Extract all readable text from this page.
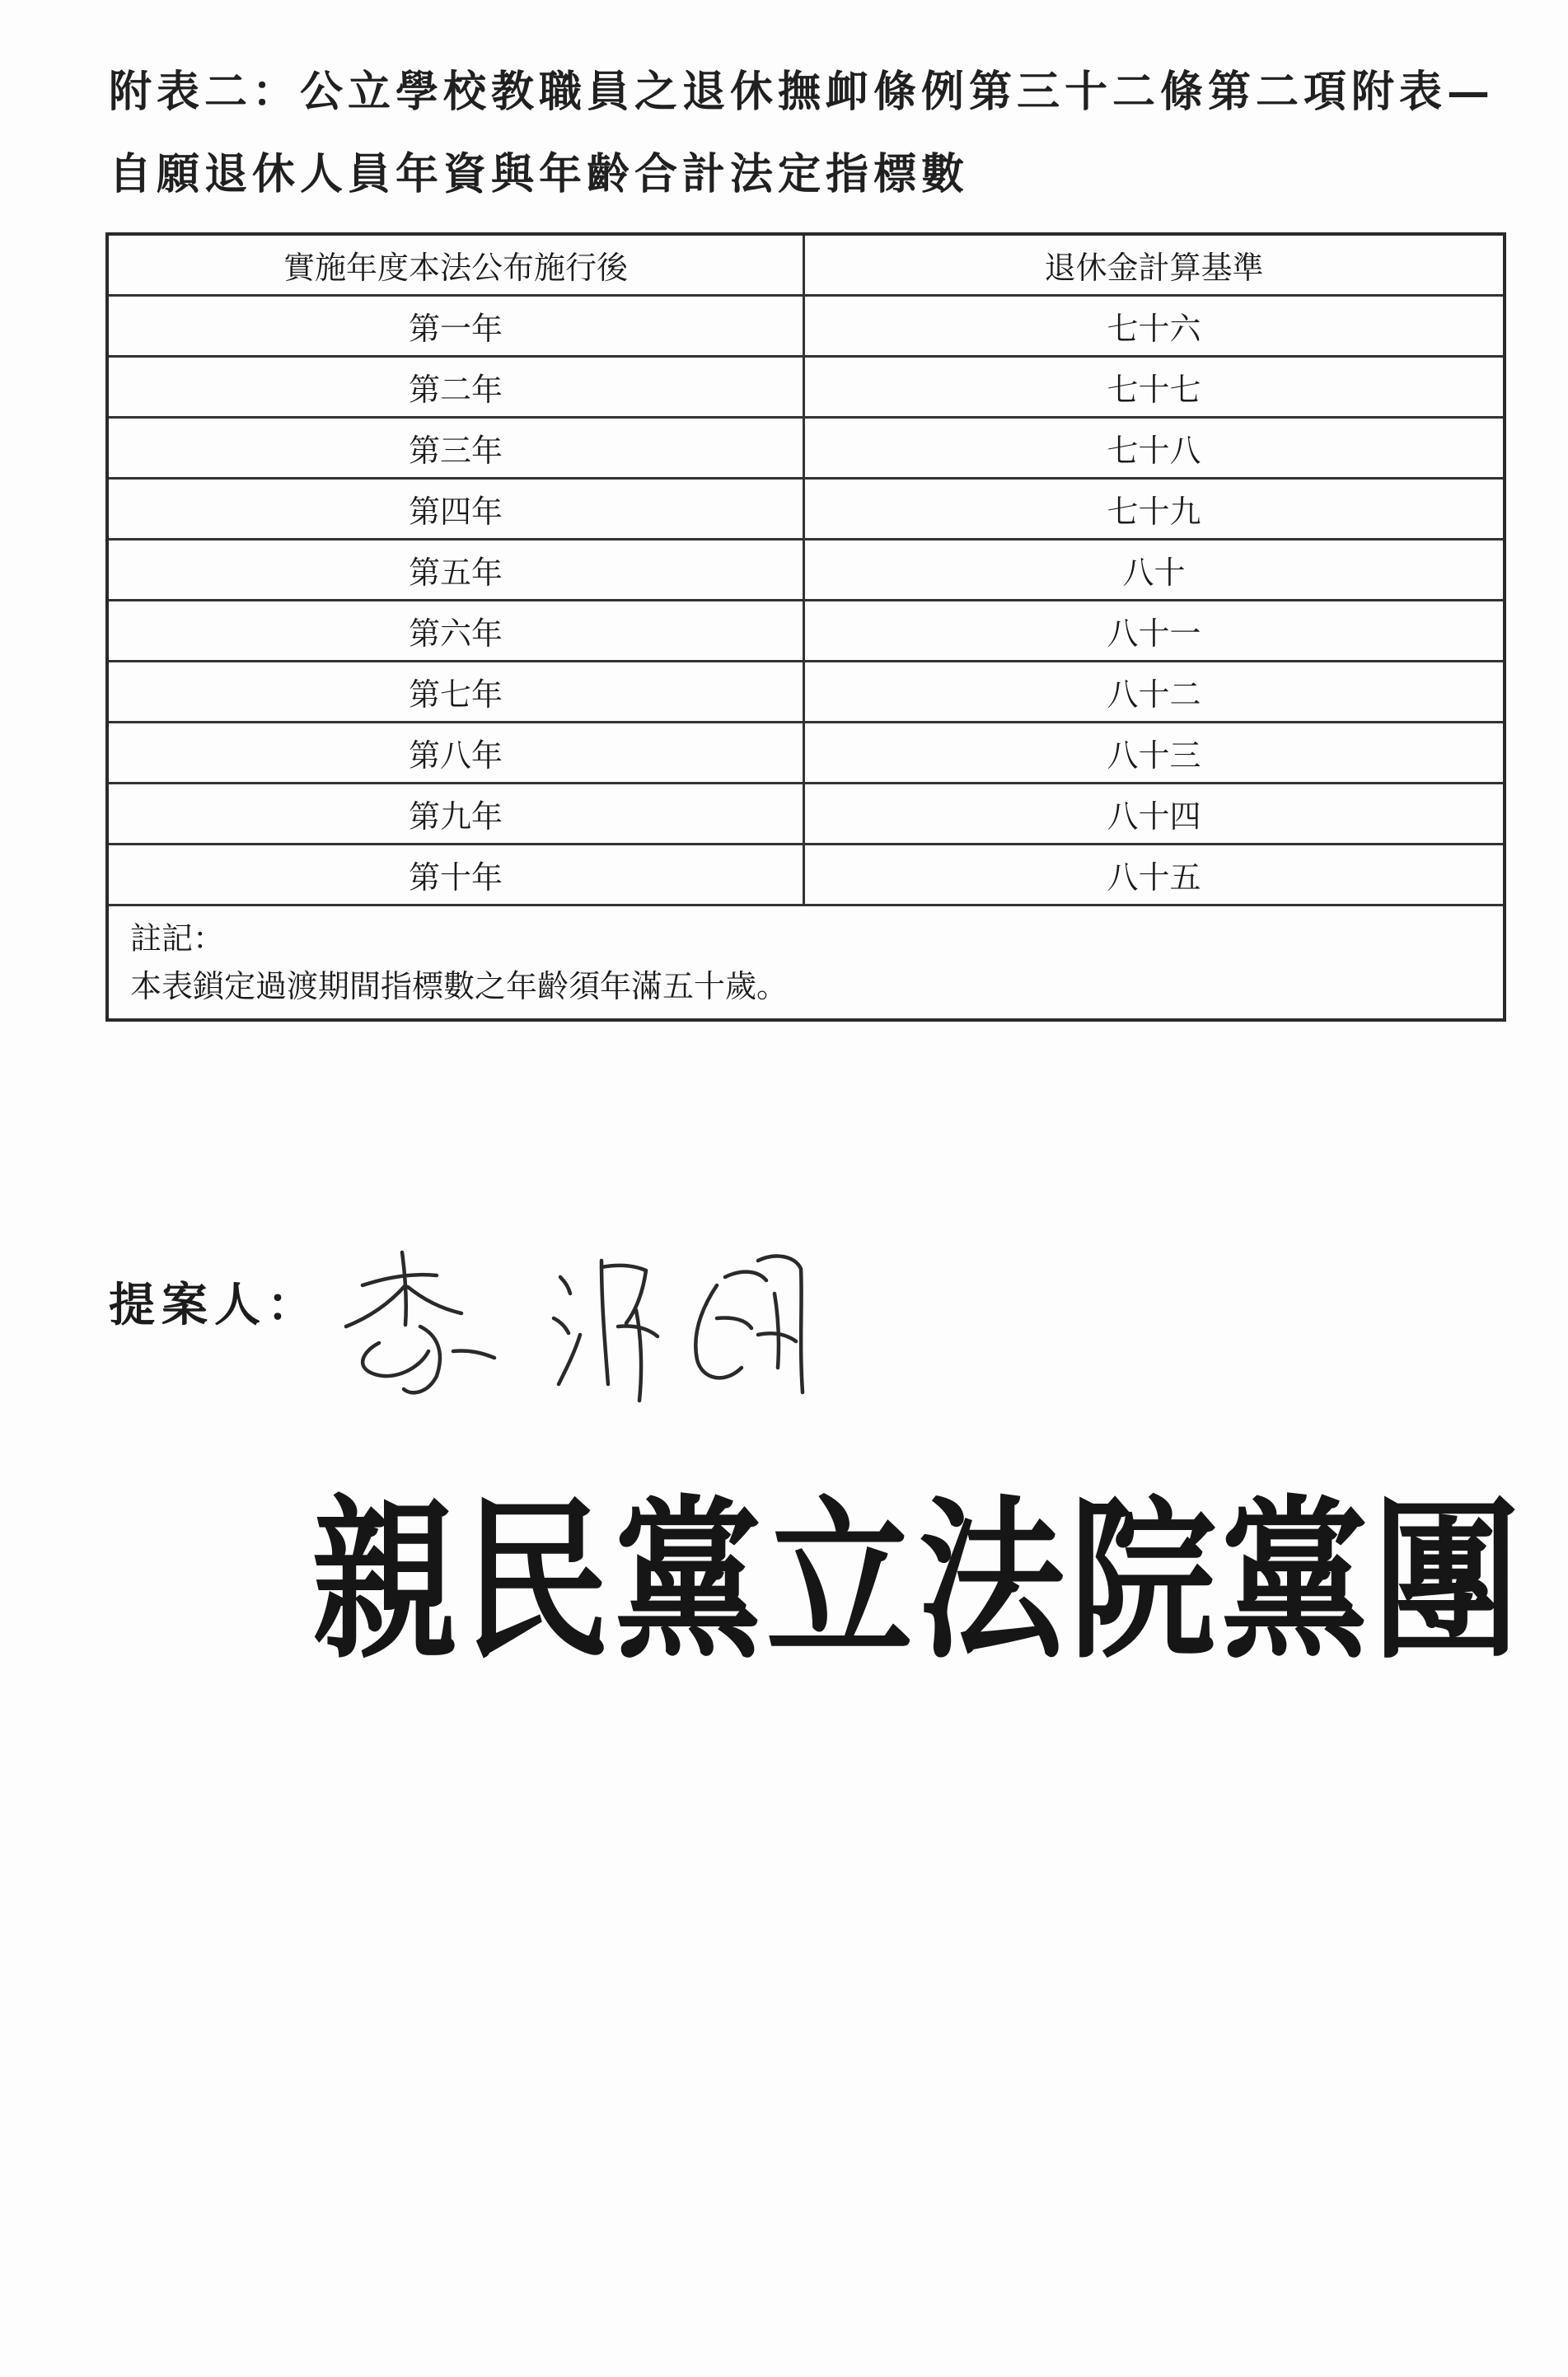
附表二：公立學校教職員之退休撫卹條例第三十二條第二項附表—自願退休人員年資與年齡合計法定指標數
實施年度本法公布施行後	退休金計算基準
第一年	七十六
第二年	七十七
第三年	七十八
第四年	七十九
第五年	八十
第六年	八十一
第七年	八十二
第八年	八十三
第九年	八十四
第十年	八十五

註記：
本表鎖定過渡期間指標數之年齡須年滿五十歲。	
提案人：
親民黨立法院黨團
